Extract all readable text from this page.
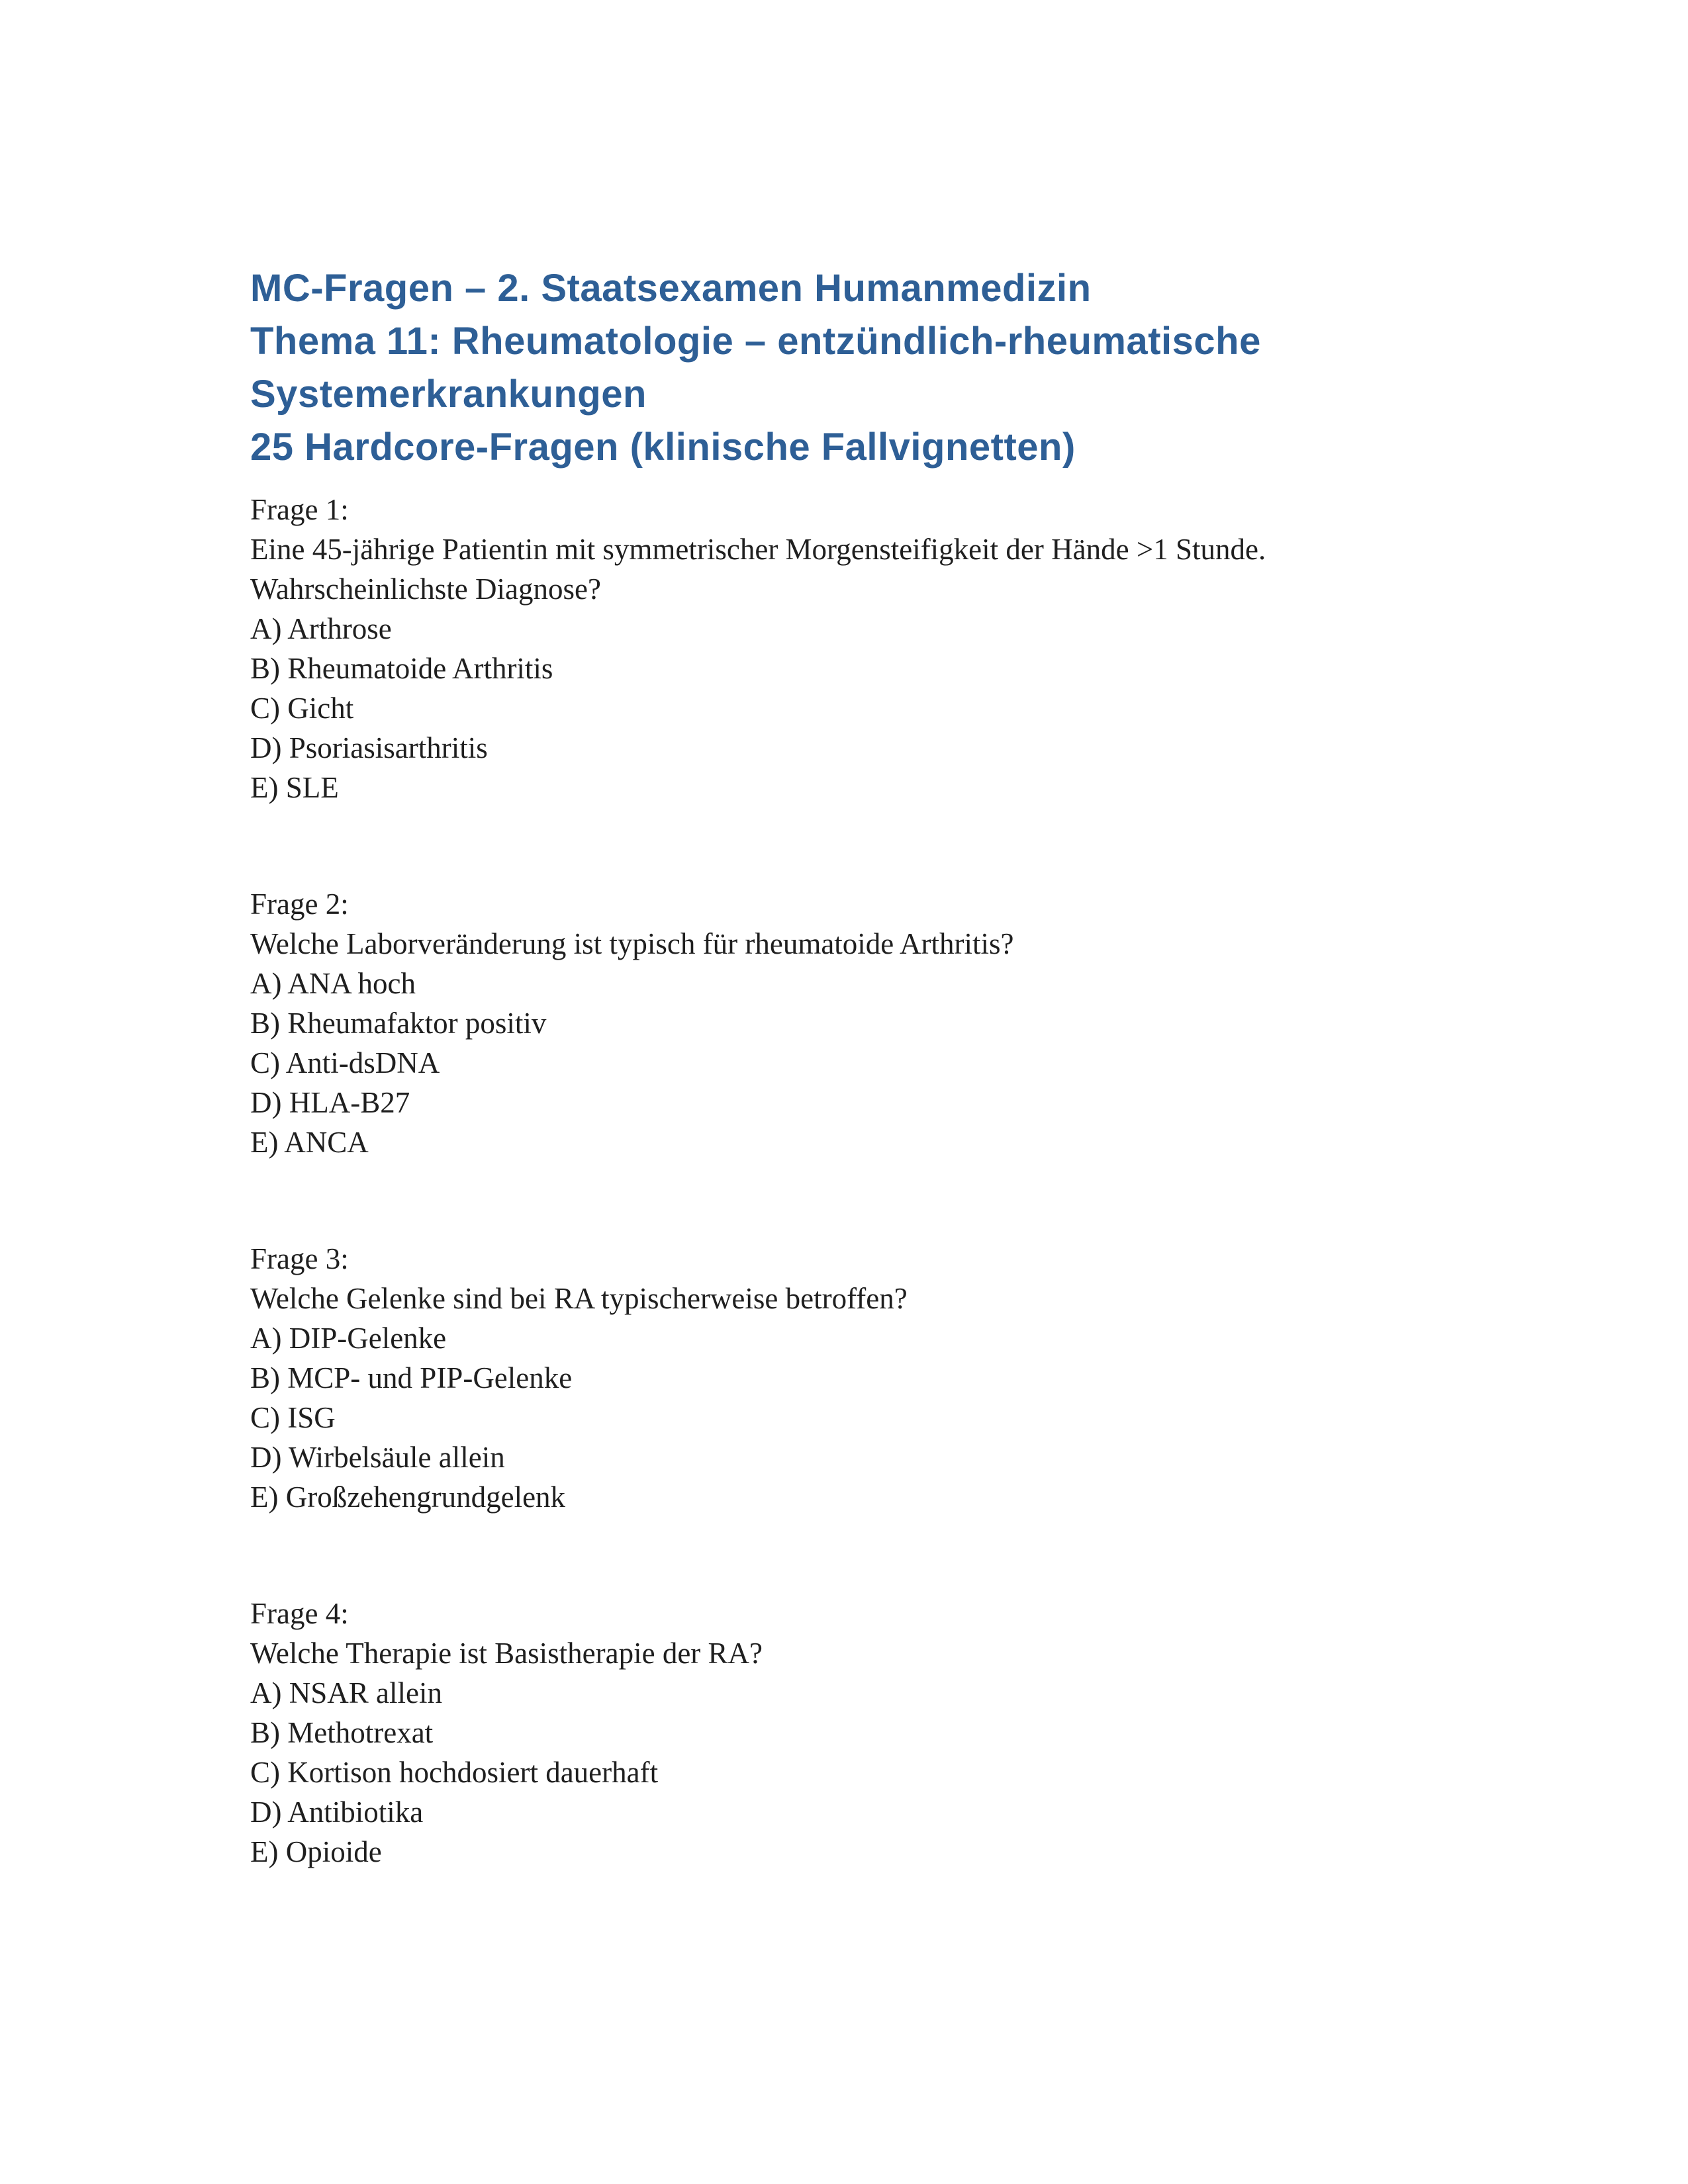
MC-Fragen – 2. Staatsexamen Humanmedizin
Thema 11: Rheumatologie – entzündlich-rheumatische
Systemerkrankungen
25 Hardcore-Fragen (klinische Fallvignetten)
Frage 1:
Eine 45-jährige Patientin mit symmetrischer Morgensteifigkeit der Hände >1 Stunde.
Wahrscheinlichste Diagnose?
A) Arthrose
B) Rheumatoide Arthritis
C) Gicht
D) Psoriasisarthritis
E) SLE
Frage 2:
Welche Laborveränderung ist typisch für rheumatoide Arthritis?
A) ANA hoch
B) Rheumafaktor positiv
C) Anti-dsDNA
D) HLA-B27
E) ANCA
Frage 3:
Welche Gelenke sind bei RA typischerweise betroffen?
A) DIP-Gelenke
B) MCP- und PIP-Gelenke
C) ISG
D) Wirbelsäule allein
E) Großzehengrundgelenk
Frage 4:
Welche Therapie ist Basistherapie der RA?
A) NSAR allein
B) Methotrexat
C) Kortison hochdosiert dauerhaft
D) Antibiotika
E) Opioide
